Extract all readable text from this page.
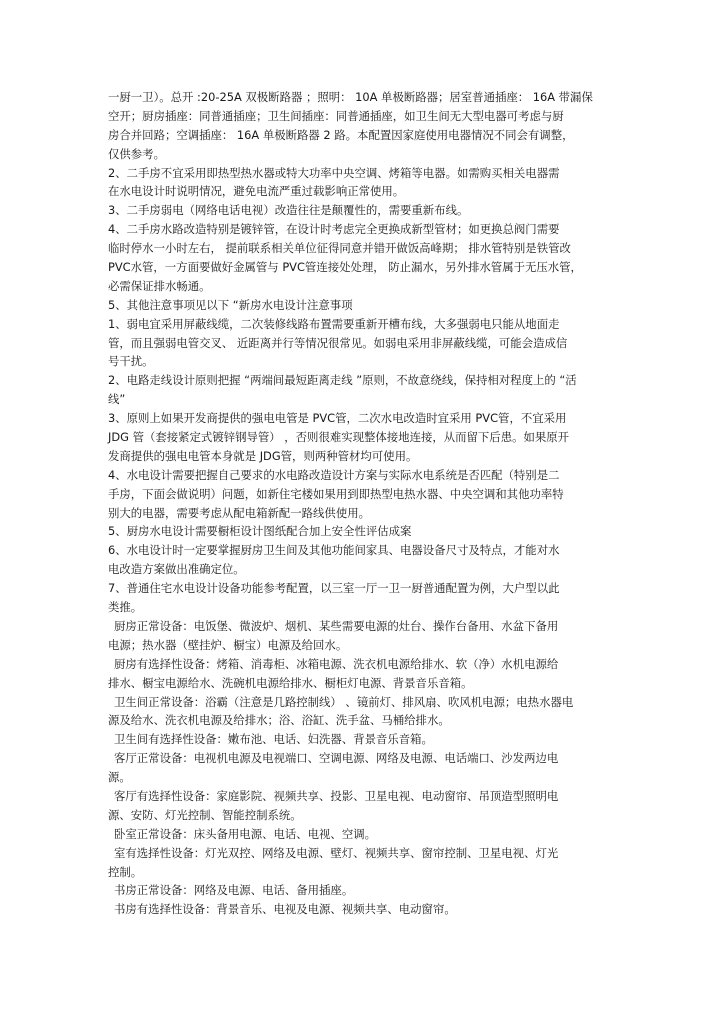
一厨一卫）。总开 :20-25A 双极断路器 ；照明： 10A 单极断路器；居室普通插座： 16A 带漏保
空开；厨房插座：同普通插座；卫生间插座：同普通插座，如卫生间无大型电器可考虑与厨
房合并回路；空调插座： 16A 单极断路器 2 路。本配置因家庭使用电器情况不同会有调整，
仅供参考。
2、二手房不宜采用即热型热水器或特大功率中央空调、烤箱等电器。如需购买相关电器需
在水电设计时说明情况，避免电流严重过载影响正常使用。
3、二手房弱电（网络电话电视）改造往往是颠覆性的，需要重新布线。
4、二手房水路改造特别是镀锌管，在设计时考虑完全更换成新型管材；如更换总阀门需要
临时停水一小时左右， 提前联系相关单位征得同意并错开做饭高峰期； 排水管特别是铁管改
PVC水管，一方面要做好金属管与 PVC管连接处处理， 防止漏水，另外排水管属于无压水管，
必需保证排水畅通。
5、其他注意事项见以下 “新房水电设计注意事项
1、弱电宜采用屏蔽线缆，二次装修线路布置需要重新开槽布线，大多强弱电只能从地面走
管，而且强弱电管交叉、 近距离并行等情况很常见。如弱电采用非屏蔽线缆，可能会造成信
号干扰。
2、电路走线设计原则把握 “两端间最短距离走线 ”原则，不故意绕线，保持相对程度上的 “活
线”
3、原则上如果开发商提供的强电电管是 PVC管，二次水电改造时宜采用 PVC管，不宜采用
JDG 管（套接紧定式镀锌钢导管） ，否则很难实现整体接地连接，从而留下后患。如果原开
发商提供的强电电管本身就是 JDG管，则两种管材均可使用。
4、水电设计需要把握自己要求的水电路改造设计方案与实际水电系统是否匹配（特别是二
手房，下面会做说明）问题，如新住宅楼如果用到即热型电热水器、中央空调和其他功率特
别大的电器，需要考虑从配电箱新配一路线供使用。
5、厨房水电设计需要橱柜设计图纸配合加上安全性评估成案
6、水电设计时一定要掌握厨房卫生间及其他功能间家具、电器设备尺寸及特点，才能对水
电改造方案做出准确定位。
7、普通住宅水电设计设备功能参考配置，以三室一厅一卫一厨普通配置为例，大户型以此
类推。
厨房正常设备：电饭堡、微波炉、烟机、某些需要电源的灶台、操作台备用、水盆下备用
电源；热水器（壁挂炉、橱宝）电源及给回水。
厨房有选择性设备：烤箱、消毒柜、冰箱电源、洗衣机电源给排水、软（净）水机电源给
排水、橱宝电源给水、洗碗机电源给排水、橱柜灯电源、背景音乐音箱。
卫生间正常设备：浴霸（注意是几路控制线） 、镜前灯、排风扇、吹风机电源；电热水器电
源及给水、洗衣机电源及给排水；浴、浴缸、洗手盆、马桶给排水。
卫生间有选择性设备：嫩布池、电话、妇洗器、背景音乐音箱。
客厅正常设备：电视机电源及电视端口、空调电源、网络及电源、电话端口、沙发两边电
源。
客厅有选择性设备：家庭影院、视频共享、投影、卫星电视、电动窗帘、吊顶造型照明电
源、安防、灯光控制、智能控制系统。
卧室正常设备：床头备用电源、电话、电视、空调。
室有选择性设备：灯光双控、网络及电源、壁灯、视频共享、窗帘控制、卫星电视、灯光
控制。
书房正常设备：网络及电源、电话、备用插座。
书房有选择性设备：背景音乐、电视及电源、视频共享、电动窗帘。
